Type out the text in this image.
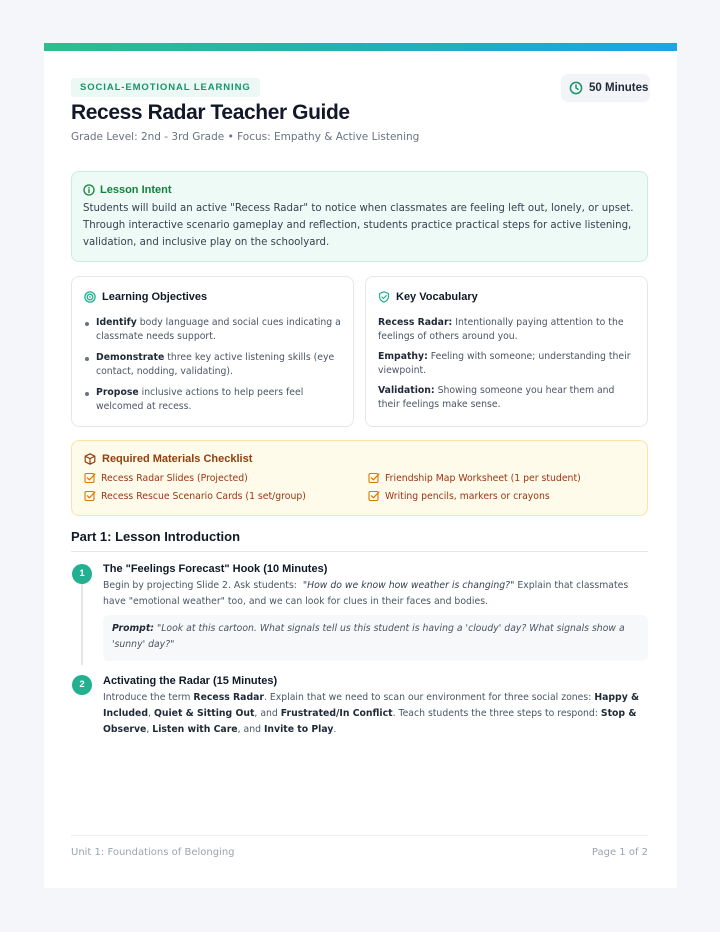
SOCIAL-EMOTIONAL LEARNING	50 Minutes
Recess Radar Teacher Guide
Grade Level: 2nd - 3rd Grade • Focus: Empathy & Active Listening
Lesson Intent

Students will build an active "Recess Radar" to notice when classmates are feeling left out, lonely, or upset. Through interactive scenario gameplay and reflection, students practice practical steps for active listening, validation, and inclusive play on the schoolyard.

Learning Objectives
Identify body language and social cues indicating a classmate needs support.
Demonstrate three key active listening skills (eye contact, nodding, validating).
Propose inclusive actions to help peers feel welcomed at recess.
Key Vocabulary
Recess Radar: Intentionally paying attention to the feelings of others around you.
Empathy: Feeling with someone; understanding their viewpoint.
Validation: Showing someone you hear them and their feelings make sense.
Required Materials Checklist
Recess Radar Slides (Projected)	Friendship Map Worksheet (1 per student)
Recess Rescue Scenario Cards (1 set/group)	Writing pencils, markers or crayons
Part 1: Lesson Introduction
1	The "Feelings Forecast" Hook (10 Minutes)
Begin by projecting Slide 2. Ask students: "How do we know how weather is changing?" Explain that classmates have "emotional weather" too, and we can look for clues in their faces and bodies.
Prompt: "Look at this cartoon. What signals tell us this student is having a 'cloudy' day? What signals show a 'sunny' day?"
2	Activating the Radar (15 Minutes)
Introduce the term Recess Radar. Explain that we need to scan our environment for three social zones: Happy & Included, Quiet & Sitting Out, and Frustrated/In Conflict. Teach students the three steps to respond: Stop & Observe, Listen with Care, and Invite to Play.
Unit 1: Foundations of Belonging	Page 1 of 2
